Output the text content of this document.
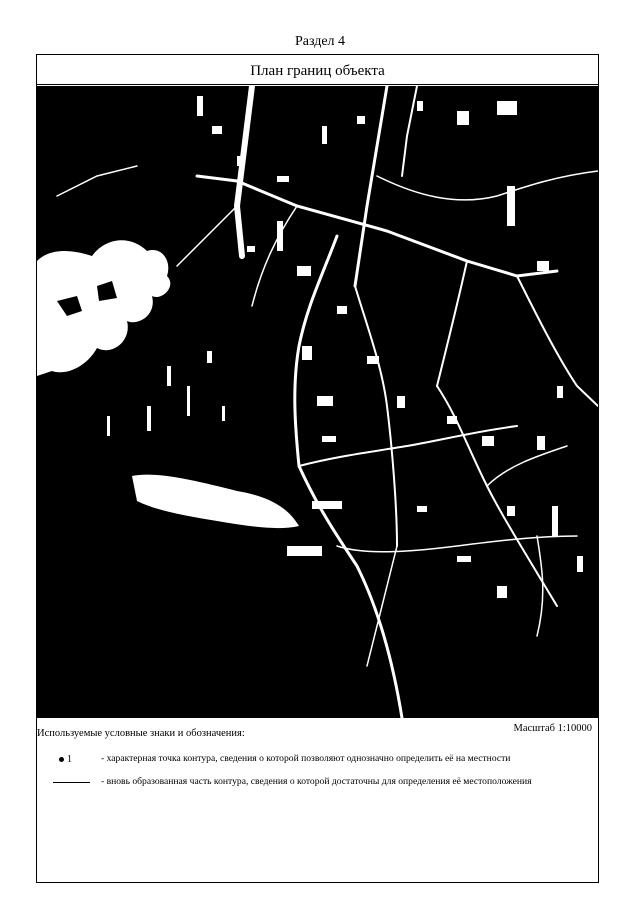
Раздел 4
План границ объекта
Используемые условные знаки и обозначения:	Масштаб 1:10000
1	- характерная точка контура, сведения о которой позволяют однозначно определить её на местности
- вновь образованная часть контура, сведения о которой достаточны для определения её местоположения
